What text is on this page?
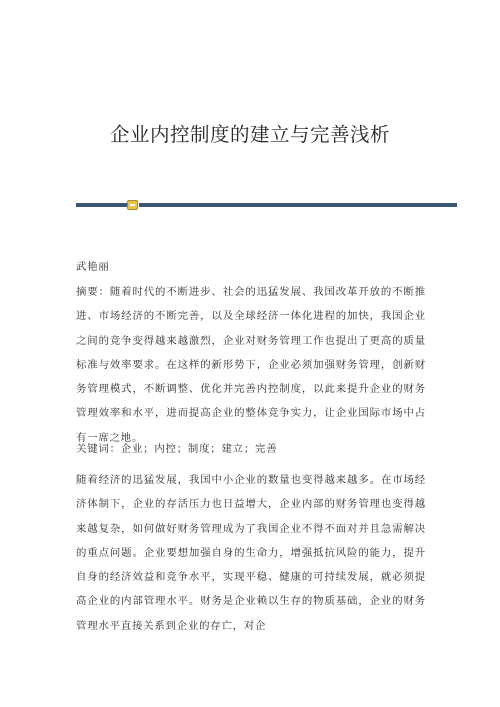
企业内控制度的建立与完善浅析
武艳丽
摘要：随着时代的不断进步、社会的迅猛发展、我国改革开放的不断推进、市场经济的不断完善，以及全球经济一体化进程的加快，我国企业之间的竞争变得越来越激烈，企业对财务管理工作也提出了更高的质量标准与效率要求。在这样的新形势下，企业必须加强财务管理，创新财务管理模式，不断调整、优化并完善内控制度，以此来提升企业的财务管理效率和水平，进而提高企业的整体竞争实力，让企业国际市场中占有一席之地。
关键词：企业；内控；制度；建立；完善
随着经济的迅猛发展，我国中小企业的数量也变得越来越多。在市场经济体制下，企业的存活压力也日益增大，企业内部的财务管理也变得越来越复杂，如何做好财务管理成为了我国企业不得不面对并且急需解决的重点问题。企业要想加强自身的生命力，增强抵抗风险的能力，提升自身的经济效益和竞争水平，实现平稳、健康的可持续发展，就必须提高企业的内部管理水平。财务是企业赖以生存的物质基础，企业的财务管理水平直接关系到企业的存亡，对企
